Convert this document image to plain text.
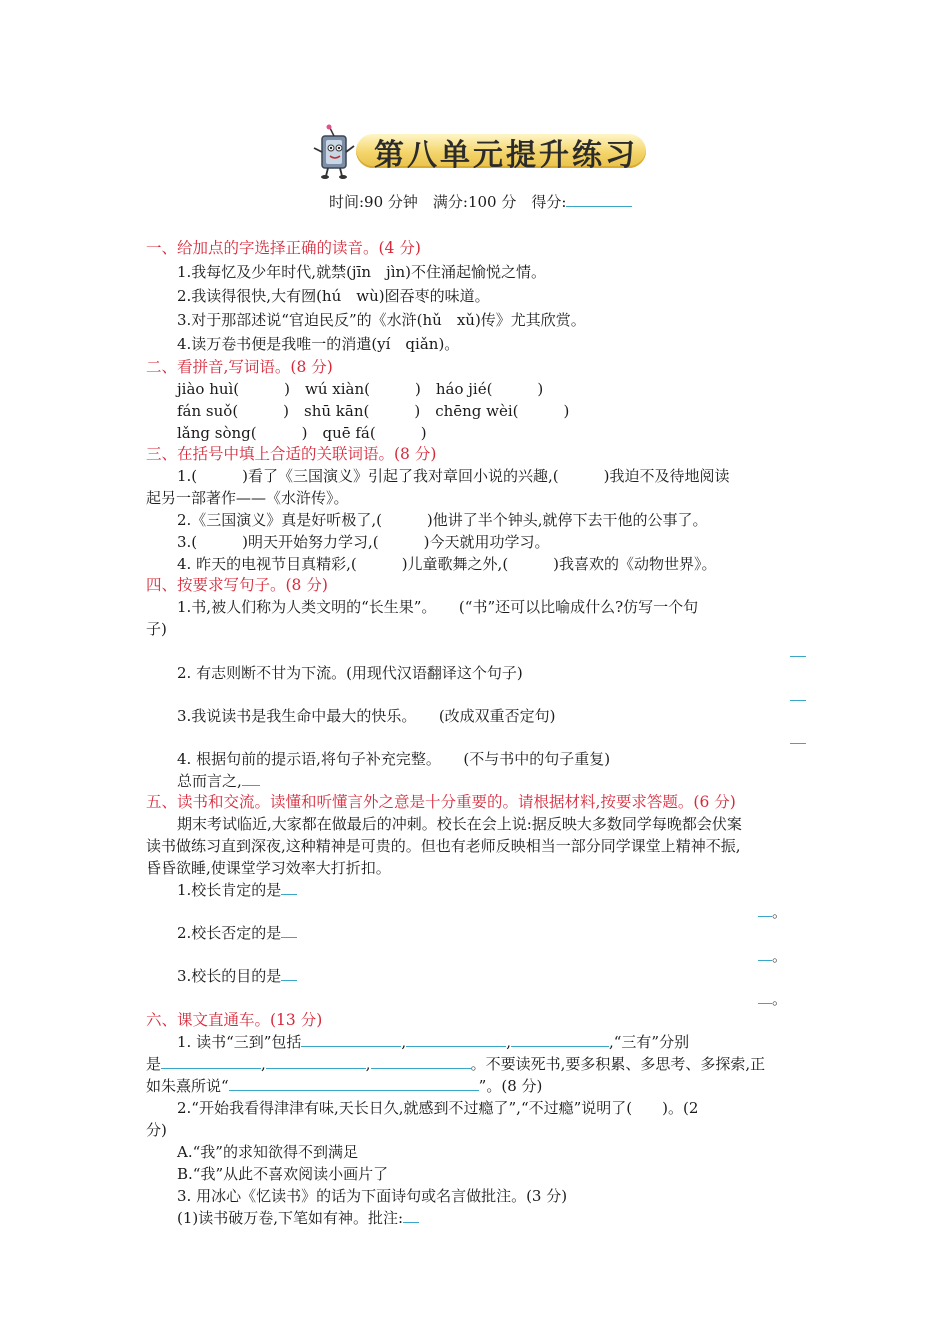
第八单元提升练习
时间:90 分钟　满分:100 分　得分:
一、给加点的字选择正确的读音。(4 分)
1.我每忆及少年时代,就禁(jīn　jìn)不住涌起愉悦之情。
2.我读得很快,大有囫(hú　wù)囵吞枣的味道。
3.对于那部述说“官迫民反”的《水浒(hǔ　xǔ)传》尤其欣赏。
4.读万卷书便是我唯一的消遣(yí　qiǎn)。
二、看拼音,写词语。(8 分)
jiào huì(　　　)　wú xiàn(　　　)　háo jié(　　　)
fán suǒ(　　　)　shū kān(　　　)　chēng wèi(　　　)
lǎng sòng(　　　)　quē fá(　　　)
三、在括号中填上合适的关联词语。(8 分)
1.(　　　)看了《三国演义》引起了我对章回小说的兴趣,(　　　)我迫不及待地阅读
起另一部著作——《水浒传》。
2.《三国演义》真是好听极了,(　　　)他讲了半个钟头,就停下去干他的公事了。
3.(　　　)明天开始努力学习,(　　　)今天就用功学习。
4. 昨天的电视节目真精彩,(　　　)儿童歌舞之外,(　　　)我喜欢的《动物世界》。
四、按要求写句子。(8 分)
1.书,被人们称为人类文明的“长生果”。　　(“书”还可以比喻成什么?仿写一个句
子)
2. 有志则断不甘为下流。(用现代汉语翻译这个句子)
3.我说读书是我生命中最大的快乐。　　(改成双重否定句)
4. 根据句前的提示语,将句子补充完整。　　(不与书中的句子重复)
总而言之,
五、读书和交流。读懂和听懂言外之意是十分重要的。请根据材料,按要求答题。(6 分)
期末考试临近,大家都在做最后的冲刺。校长在会上说:据反映大多数同学每晚都会伏案
读书做练习直到深夜,这种精神是可贵的。但也有老师反映相当一部分同学课堂上精神不振,
昏昏欲睡,使课堂学习效率大打折扣。
1.校长肯定的是
。
2.校长否定的是
。
3.校长的目的是
。
六、课文直通车。(13 分)
1. 读书“三到”包括	,	,	,“三有”分别
是	,	,	。不要读死书,要多积累、多思考、多探索,正
如朱熹所说“	”。(8 分)
2.“开始我看得津津有味,天长日久,就感到不过瘾了”,“不过瘾”说明了(　　)。(2
分)
A.“我”的求知欲得不到满足
B.“我”从此不喜欢阅读小画片了
3. 用冰心《忆读书》的话为下面诗句或名言做批注。(3 分)
(1)读书破万卷,下笔如有神。批注:
